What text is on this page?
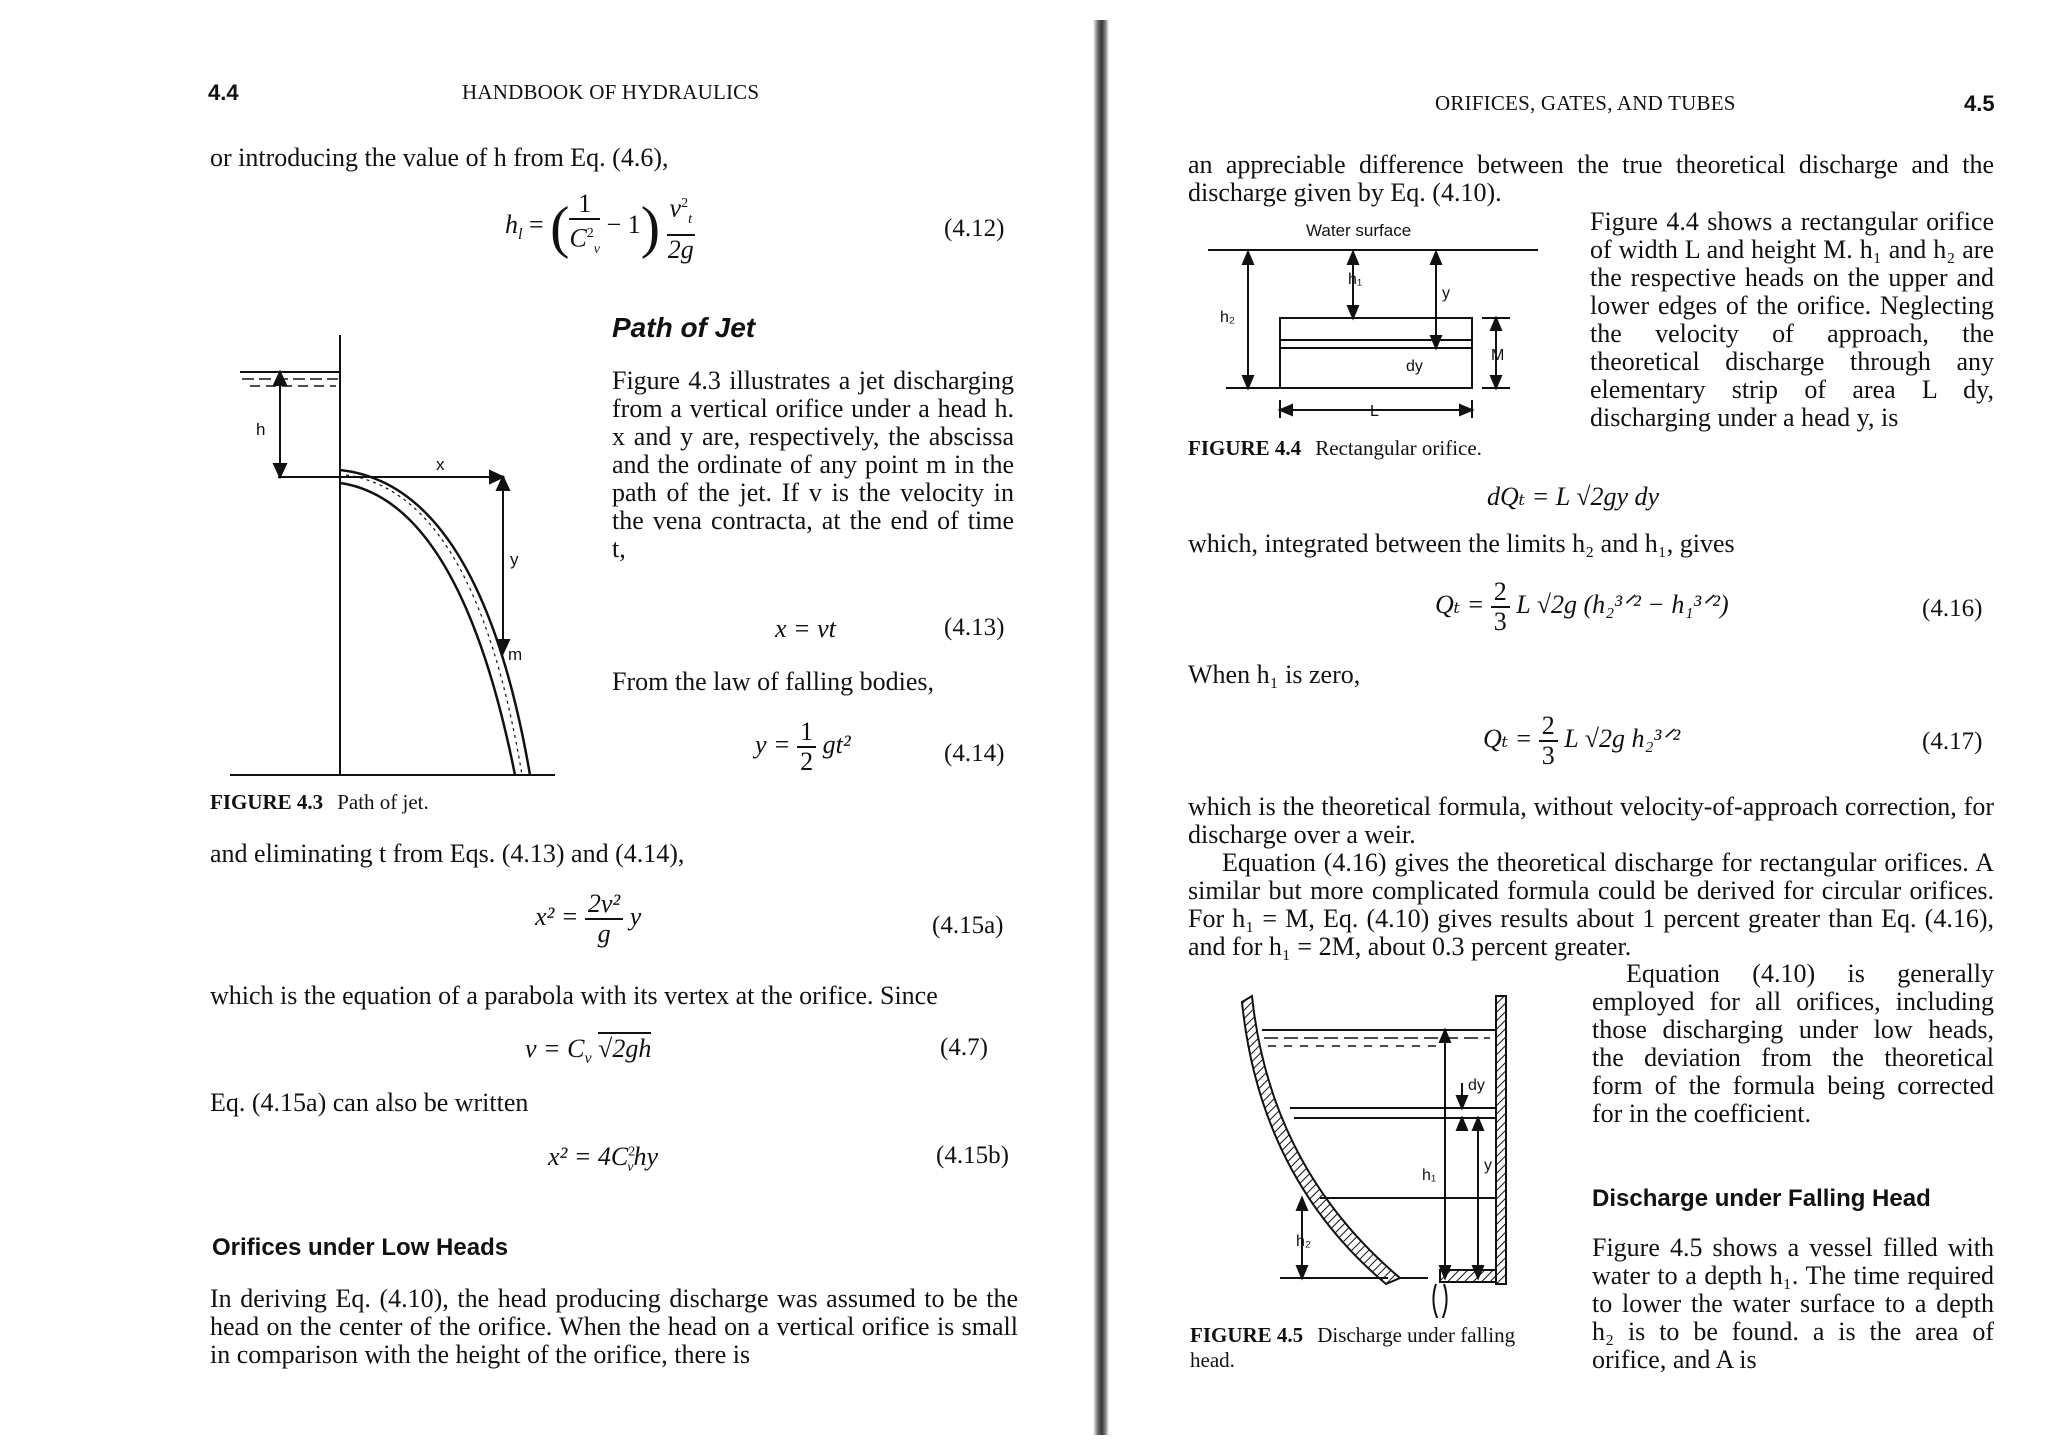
4.4	HANDBOOK OF HYDRAULICS
or introducing the value of h from Eq. (4.6),
$h_l$ = ( $\frac{1}{C^2_v} - 1) \frac{v^2_t}{2g}$	(4.12)
h
x
y
m
FIGURE 4.3 Path of jet.
Path of Jet
Figure 4.3 illustrates a jet discharging from a vertical orifice under a head h. x and y are, respectively, the abscissa and the ordinate of any point m in the path of the jet. If v is the velocity in the vena contracta, at the end of time t,
x = vt	(4.13)
From the law of falling bodies,
$y = \frac{1}{2} gt^2$	(4.14)
and eliminating t from Eqs. (4.13) and (4.14),
$x^2 = \frac{\text{2v²}}{g}$ y	(4.15a)
which is the equation of a parabola with its vertex at the orifice. Since
$v = C_v$ √2gh	(4.7)
Eq. (4.15a) can also be written
$x^2 = 4C^2_vhy$	(4.15b)
Orifices under Low Heads
In deriving Eq. (4.10), the head producing discharge was assumed to be the head on the center of the orifice. When the head on a vertical orifice is small in comparison with the height of the orifice, there is
ORIFICES, GATES, AND TUBES	4.5
an appreciable difference between the true theoretical discharge and the discharge given by Eq. (4.10).
Water surface
h₁
h₂
y
dy
M
L
FIGURE 4.4 Rectangular orifice.
Figure 4.4 shows a rectangular orifice of width L and height M. h₁ and h₂ are the respective heads on the upper and lower edges of the orifice. Neglecting the velocity of approach, the theoretical discharge through any elementary strip of area L dy, discharging under a head y, is
dQₜ = L √2gy dy
which, integrated between the limits h₂ and h₁, gives
$Q_t = \frac{2}{3}$ L √2g (h₂³ᐟ² − h₁³ᐟ²)	(4.16)
When h₁ is zero,
$Q_t = \frac{2}{3}$ L √2g h₂³ᐟ²	(4.17)
which is the theoretical formula, without velocity-of-approach correction, for discharge over a weir.
Equation (4.16) gives the theoretical discharge for rectangular orifices. A similar but more complicated formula could be derived for circular orifices. For h₁ = M, Eq. (4.10) gives results about 1 percent greater than Eq. (4.16), and for h₁ = 2M, about 0.3 percent greater.
dy
h₁
y
h₂
FIGURE 4.5 Discharge under falling head.
Equation (4.10) is generally employed for all orifices, including those discharging under low heads, the deviation from the theoretical form of the formula being corrected for in the coefficient.
Discharge under Falling Head
Figure 4.5 shows a vessel filled with water to a depth h₁. The time required to lower the water surface to a depth h₂ is to be found. a is the area of orifice, and A is
